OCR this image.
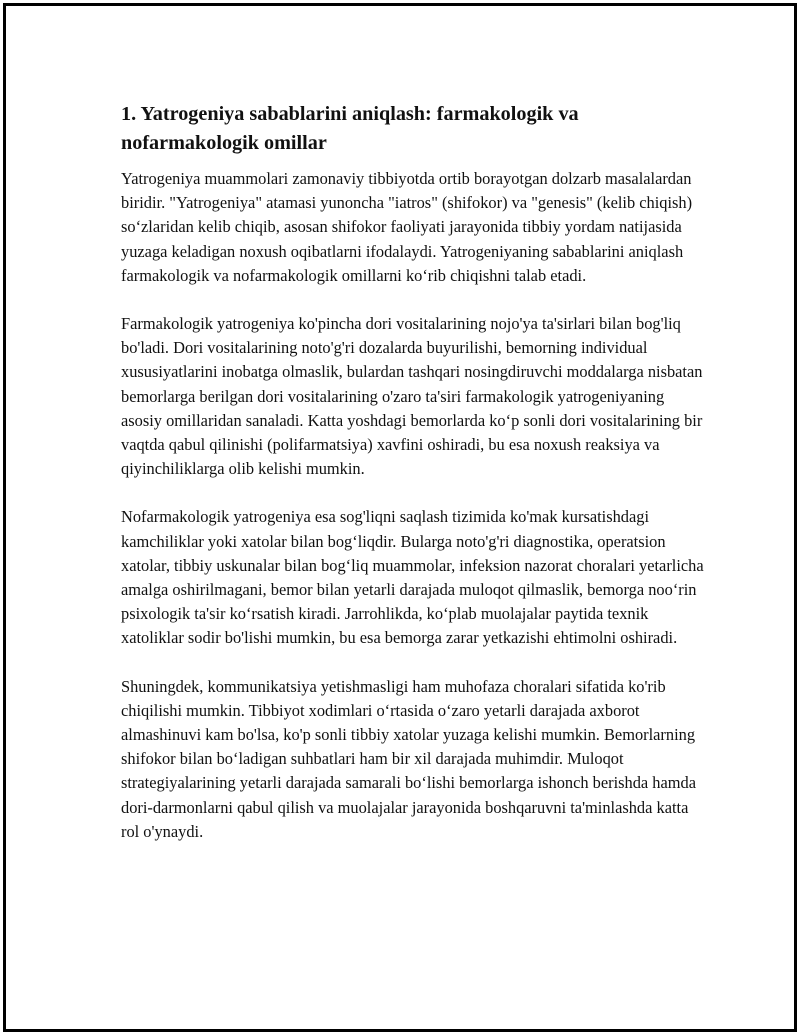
1. Yatrogeniya sabablarini aniqlash: farmakologik va nofarmakologik omillar

Yatrogeniya muammolari zamonaviy tibbiyotda ortib borayotgan dolzarb masalalardan biridir. "Yatrogeniya" atamasi yunoncha "iatros" (shifokor) va "genesis" (kelib chiqish) so‘zlaridan kelib chiqib, asosan shifokor faoliyati jarayonida tibbiy yordam natijasida yuzaga keladigan noxush oqibatlarni ifodalaydi. Yatrogeniyaning sabablarini aniqlash farmakologik va nofarmakologik omillarni ko‘rib chiqishni talab etadi.

Farmakologik yatrogeniya ko'pincha dori vositalarining nojo'ya ta'sirlari bilan bog'liq bo'ladi. Dori vositalarining noto'g'ri dozalarda buyurilishi, bemorning individual xususiyatlarini inobatga olmaslik, bulardan tashqari nosingdiruvchi moddalarga nisbatan bemorlarga berilgan dori vositalarining o'zaro ta'siri farmakologik yatrogeniyaning asosiy omillaridan sanaladi. Katta yoshdagi bemorlarda ko‘p sonli dori vositalarining bir vaqtda qabul qilinishi (polifarmatsiya) xavfini oshiradi, bu esa noxush reaksiya va qiyinchiliklarga olib kelishi mumkin.

Nofarmakologik yatrogeniya esa sog'liqni saqlash tizimida ko'mak kursatishdagi kamchiliklar yoki xatolar bilan bog‘liqdir. Bularga noto'g'ri diagnostika, operatsion xatolar, tibbiy uskunalar bilan bog‘liq muammolar, infeksion nazorat choralari yetarlicha amalga oshirilmagani, bemor bilan yetarli darajada muloqot qilmaslik, bemorga noo‘rin psixologik ta'sir ko‘rsatish kiradi. Jarrohlikda, ko‘plab muolajalar paytida texnik xatoliklar sodir bo'lishi mumkin, bu esa bemorga zarar yetkazishi ehtimolni oshiradi.

Shuningdek, kommunikatsiya yetishmasligi ham muhofaza choralari sifatida ko'rib chiqilishi mumkin. Tibbiyot xodimlari o‘rtasida o‘zaro yetarli darajada axborot almashinuvi kam bo'lsa, ko'p sonli tibbiy xatolar yuzaga kelishi mumkin. Bemorlarning shifokor bilan bo‘ladigan suhbatlari ham bir xil darajada muhimdir. Muloqot strategiyalarining yetarli darajada samarali bo‘lishi bemorlarga ishonch berishda hamda dori-darmonlarni qabul qilish va muolajalar jarayonida boshqaruvni ta'minlashda katta rol o'ynaydi.
